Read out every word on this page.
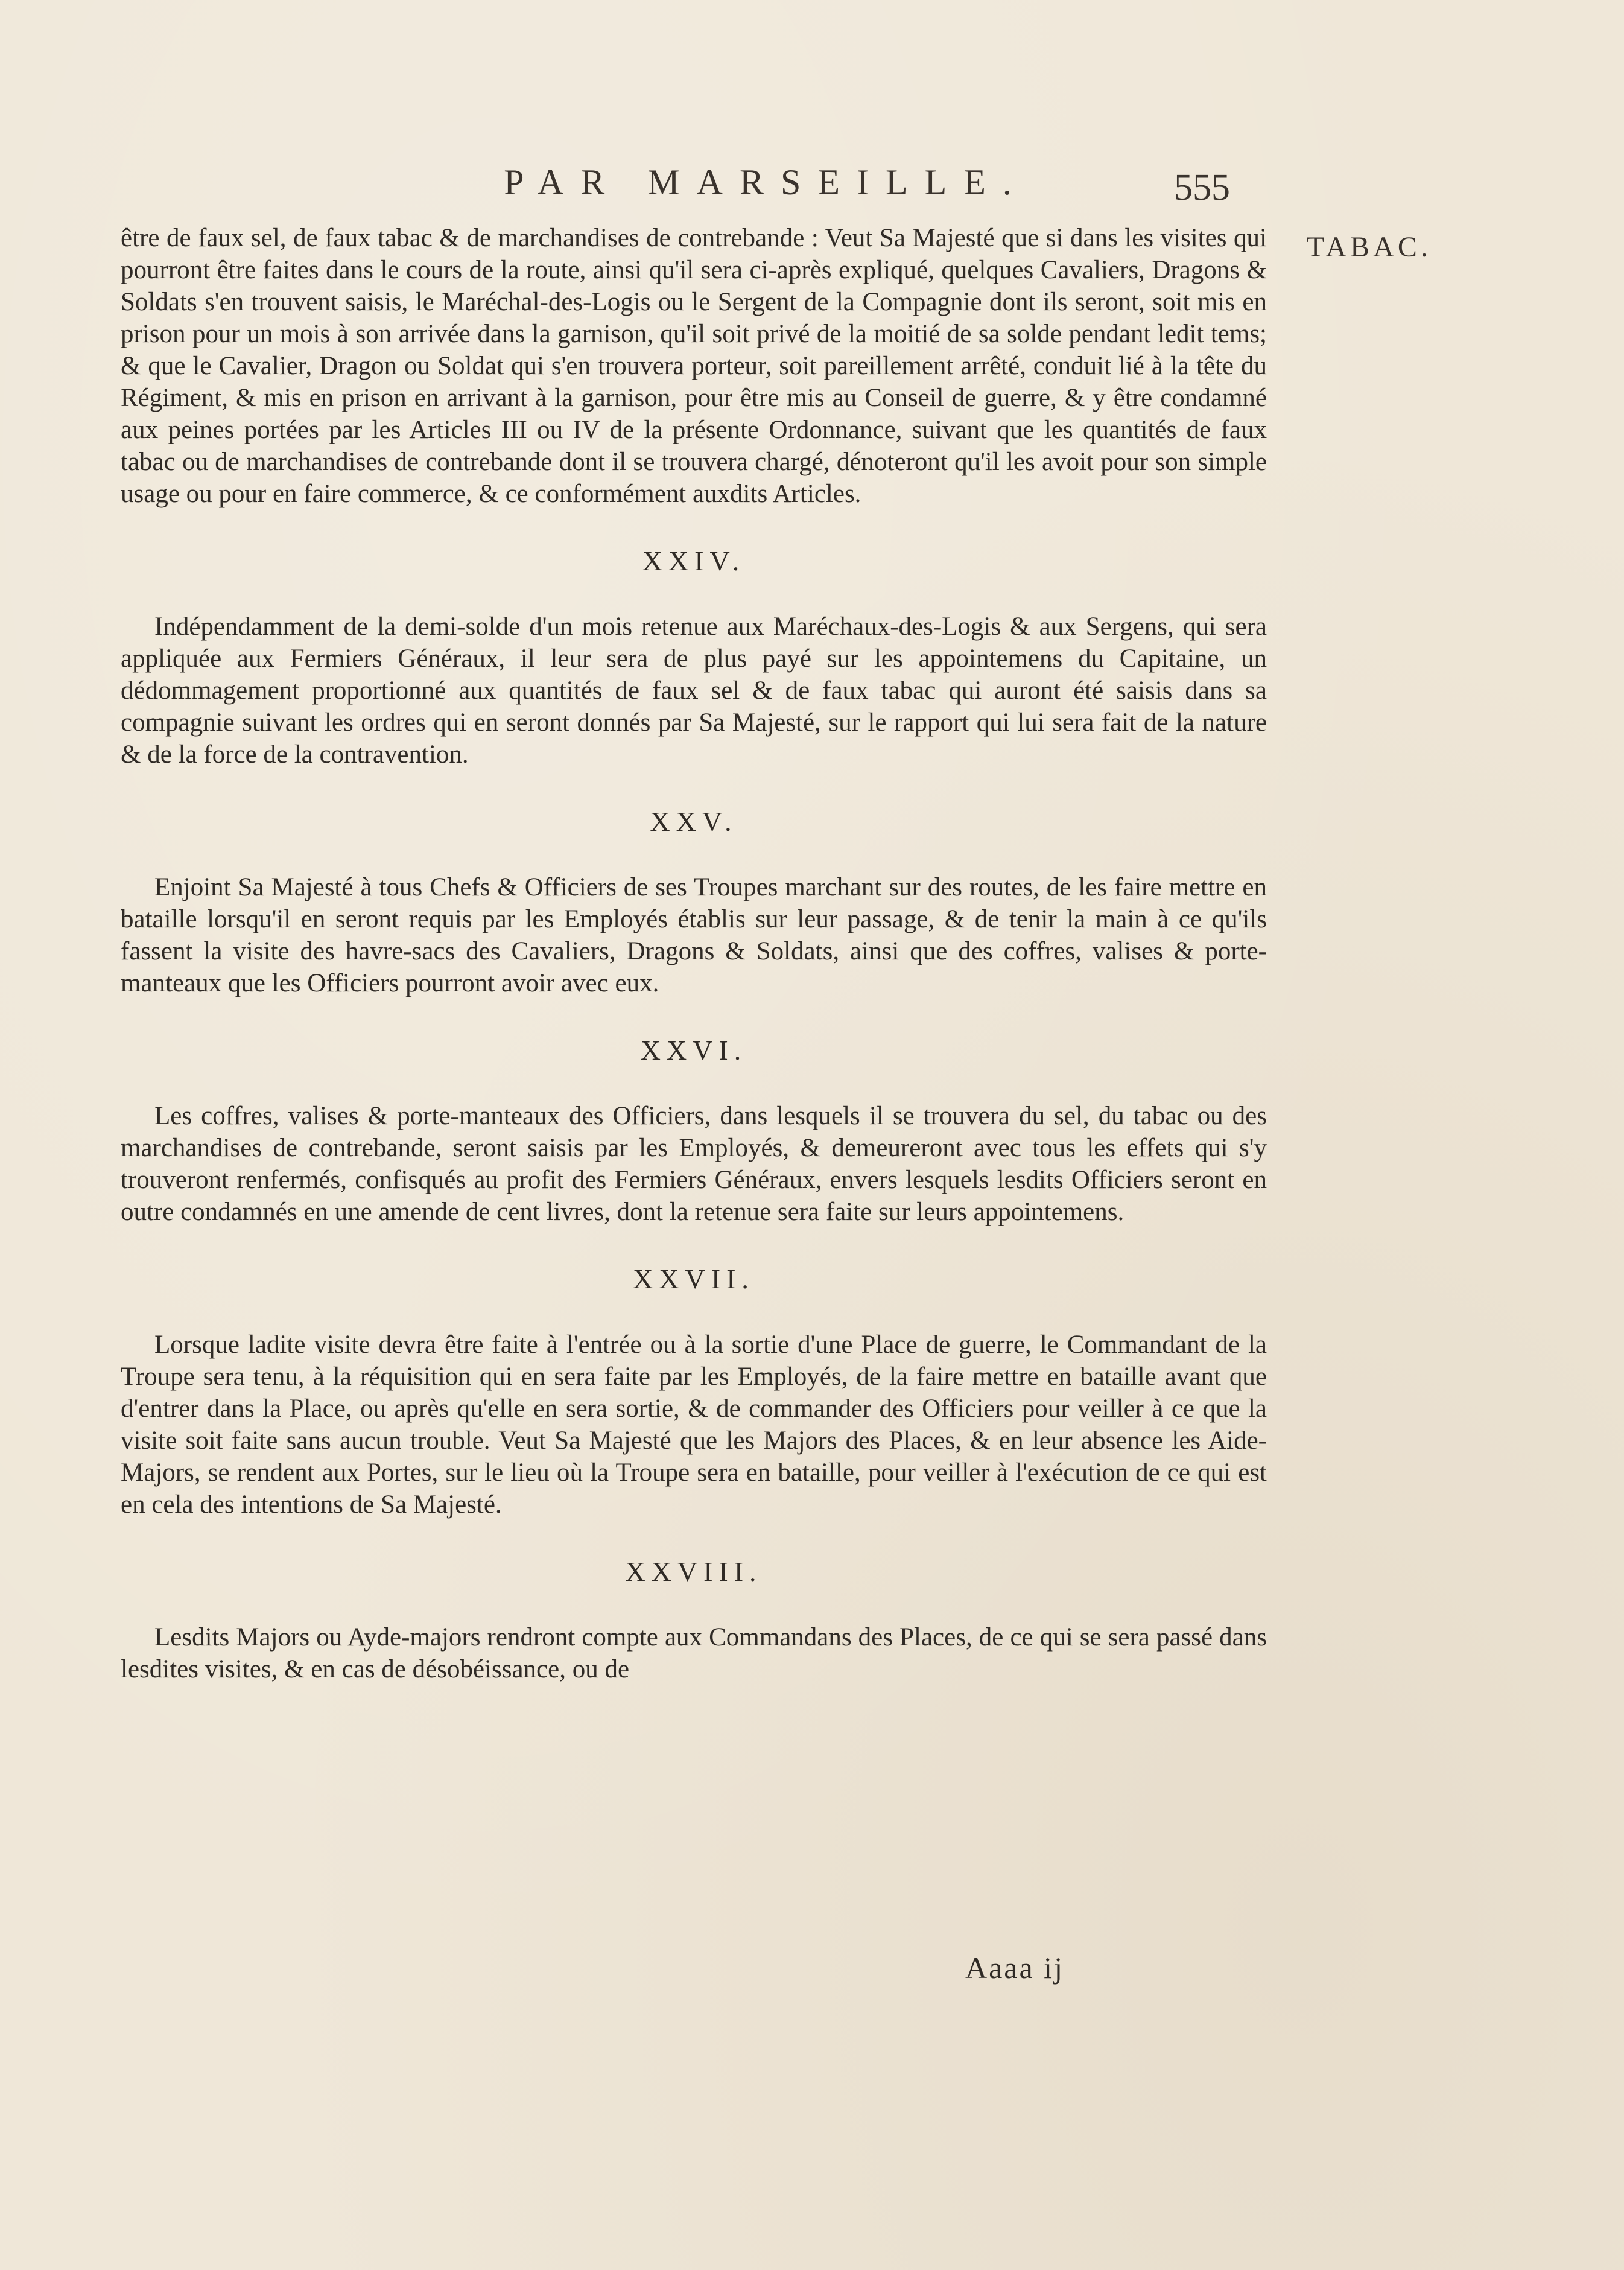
PAR MARSEILLE.	555
TABAC.

être de faux sel, de faux tabac & de marchandises de contrebande : Veut Sa Majesté que si dans les visites qui pourront être faites dans le cours de la route, ainsi qu'il sera ci-après expliqué, quelques Cavaliers, Dragons & Soldats s'en trouvent saisis, le Maréchal-des-Logis ou le Sergent de la Compagnie dont ils seront, soit mis en prison pour un mois à son arrivée dans la garnison, qu'il soit privé de la moitié de sa solde pendant ledit tems; & que le Cavalier, Dragon ou Soldat qui s'en trouvera porteur, soit pareillement arrêté, conduit lié à la tête du Régiment, & mis en prison en arrivant à la garnison, pour être mis au Conseil de guerre, & y être condamné aux peines portées par les Articles III ou IV de la présente Ordonnance, suivant que les quantités de faux tabac ou de marchandises de contrebande dont il se trouvera chargé, dénoteront qu'il les avoit pour son simple usage ou pour en faire commerce, & ce conformément auxdits Articles.

XXIV.

Indépendamment de la demi-solde d'un mois retenue aux Maréchaux-des-Logis & aux Sergens, qui sera appliquée aux Fermiers Généraux, il leur sera de plus payé sur les appointemens du Capitaine, un dédommagement proportionné aux quantités de faux sel & de faux tabac qui auront été saisis dans sa compagnie suivant les ordres qui en seront donnés par Sa Majesté, sur le rapport qui lui sera fait de la nature & de la force de la contravention.

XXV.

Enjoint Sa Majesté à tous Chefs & Officiers de ses Troupes marchant sur des routes, de les faire mettre en bataille lorsqu'il en seront requis par les Employés établis sur leur passage, & de tenir la main à ce qu'ils fassent la visite des havre-sacs des Cavaliers, Dragons & Soldats, ainsi que des coffres, valises & porte-manteaux que les Officiers pourront avoir avec eux.

XXVI.

Les coffres, valises & porte-manteaux des Officiers, dans lesquels il se trouvera du sel, du tabac ou des marchandises de contrebande, seront saisis par les Employés, & demeureront avec tous les effets qui s'y trouveront renfermés, confisqués au profit des Fermiers Généraux, envers lesquels lesdits Officiers seront en outre condamnés en une amende de cent livres, dont la retenue sera faite sur leurs appointemens.

XXVII.

Lorsque ladite visite devra être faite à l'entrée ou à la sortie d'une Place de guerre, le Commandant de la Troupe sera tenu, à la réquisition qui en sera faite par les Employés, de la faire mettre en bataille avant que d'entrer dans la Place, ou après qu'elle en sera sortie, & de commander des Officiers pour veiller à ce que la visite soit faite sans aucun trouble. Veut Sa Majesté que les Majors des Places, & en leur absence les Aide-Majors, se rendent aux Portes, sur le lieu où la Troupe sera en bataille, pour veiller à l'exécution de ce qui est en cela des intentions de Sa Majesté.

XXVIII.

Lesdits Majors ou Ayde-majors rendront compte aux Commandans des Places, de ce qui se sera passé dans lesdites visites, & en cas de désobéissance, ou de

Aaaa ij
